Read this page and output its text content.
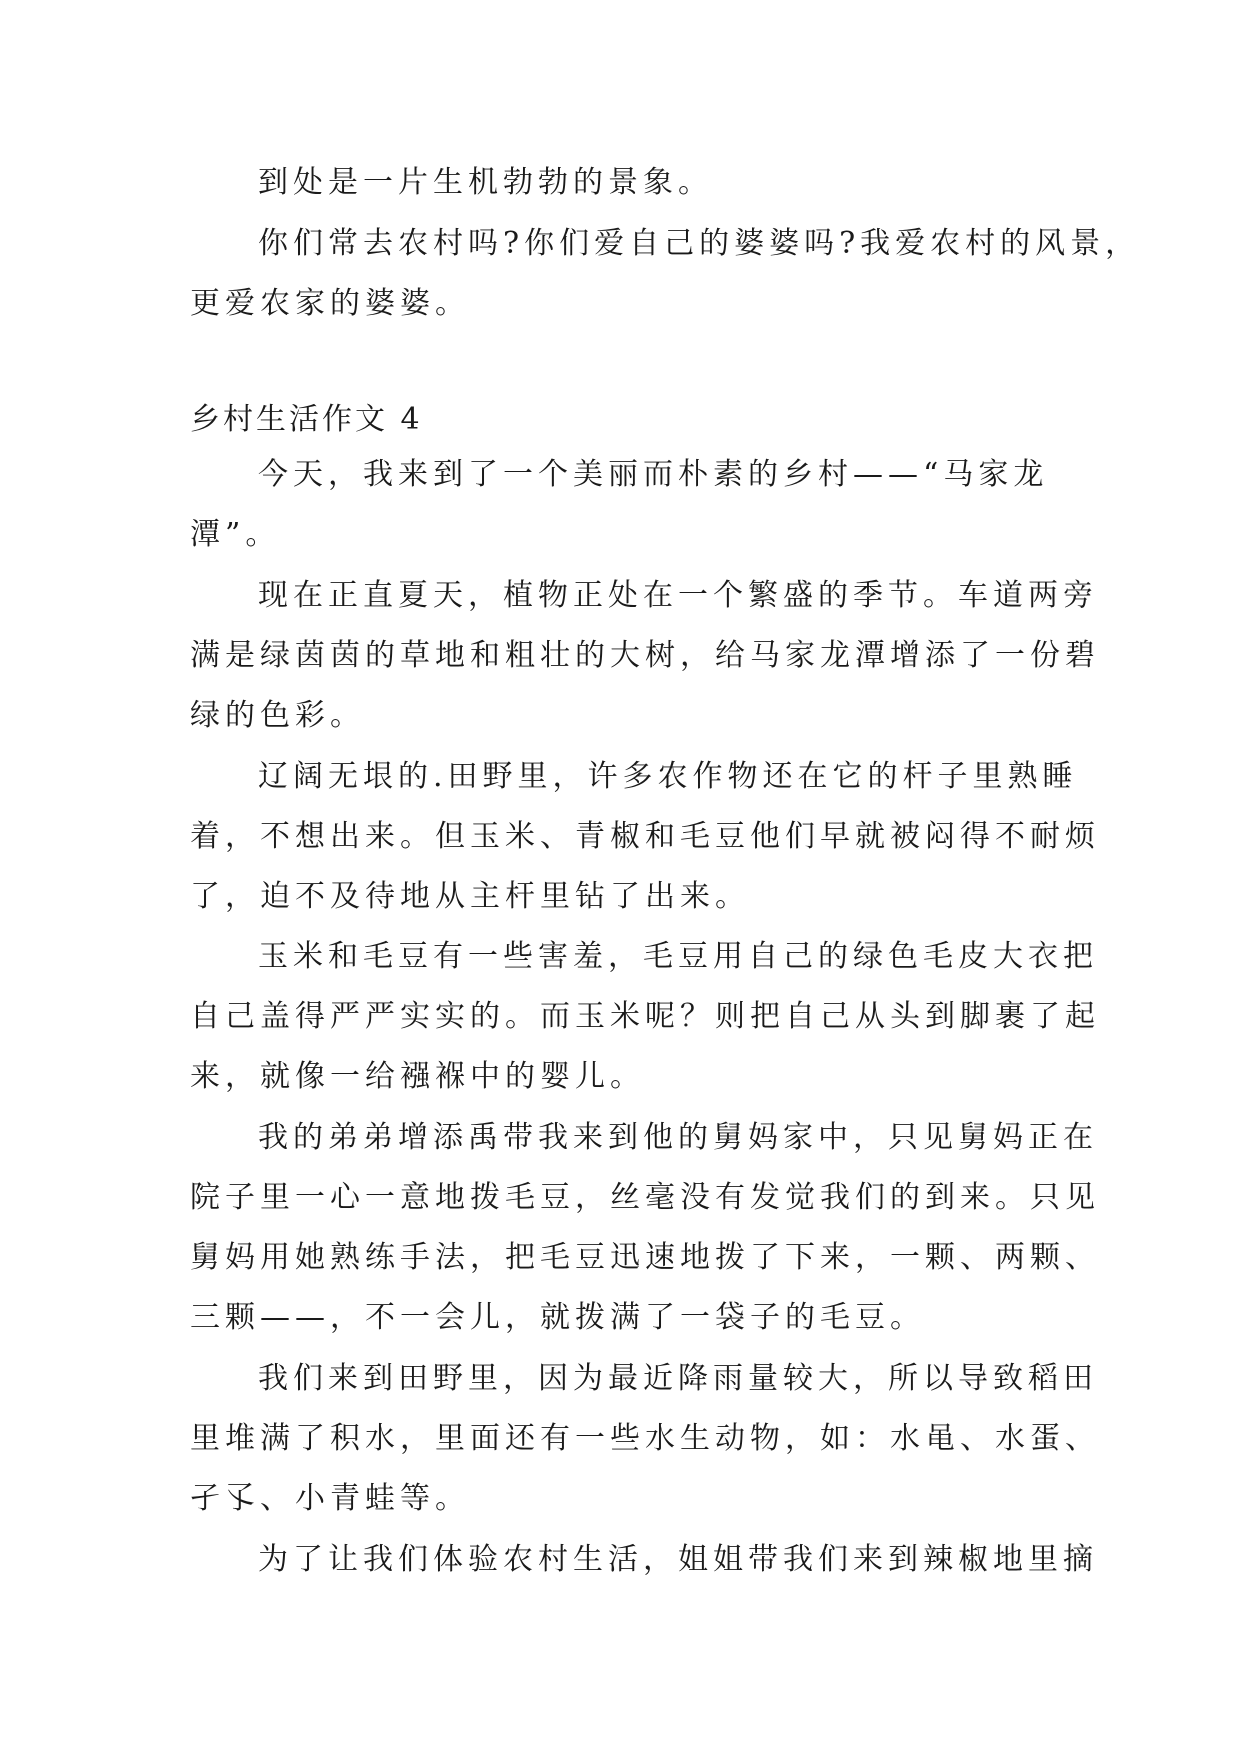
到处是一片生机勃勃的景象。
你们常去农村吗?你们爱自己的婆婆吗?我爱农村的风景，
更爱农家的婆婆。
乡村生活作文 4
今天，我来到了一个美丽而朴素的乡村——“马家龙
潭”。
现在正直夏天，植物正处在一个繁盛的季节。车道两旁
满是绿茵茵的草地和粗壮的大树，给马家龙潭增添了一份碧
绿的色彩。
辽阔无垠的.田野里，许多农作物还在它的杆子里熟睡
着，不想出来。但玉米、青椒和毛豆他们早就被闷得不耐烦
了，迫不及待地从主杆里钻了出来。
玉米和毛豆有一些害羞，毛豆用自己的绿色毛皮大衣把
自己盖得严严实实的。而玉米呢？则把自己从头到脚裹了起
来，就像一给襁褓中的婴儿。
我的弟弟增添禹带我来到他的舅妈家中，只见舅妈正在
院子里一心一意地拨毛豆，丝毫没有发觉我们的到来。只见
舅妈用她熟练手法，把毛豆迅速地拨了下来，一颗、两颗、
三颗——，不一会儿，就拨满了一袋子的毛豆。
我们来到田野里，因为最近降雨量较大，所以导致稻田
里堆满了积水，里面还有一些水生动物，如：水黾、水蛋、
孑孓、小青蛙等。
为了让我们体验农村生活，姐姐带我们来到辣椒地里摘
